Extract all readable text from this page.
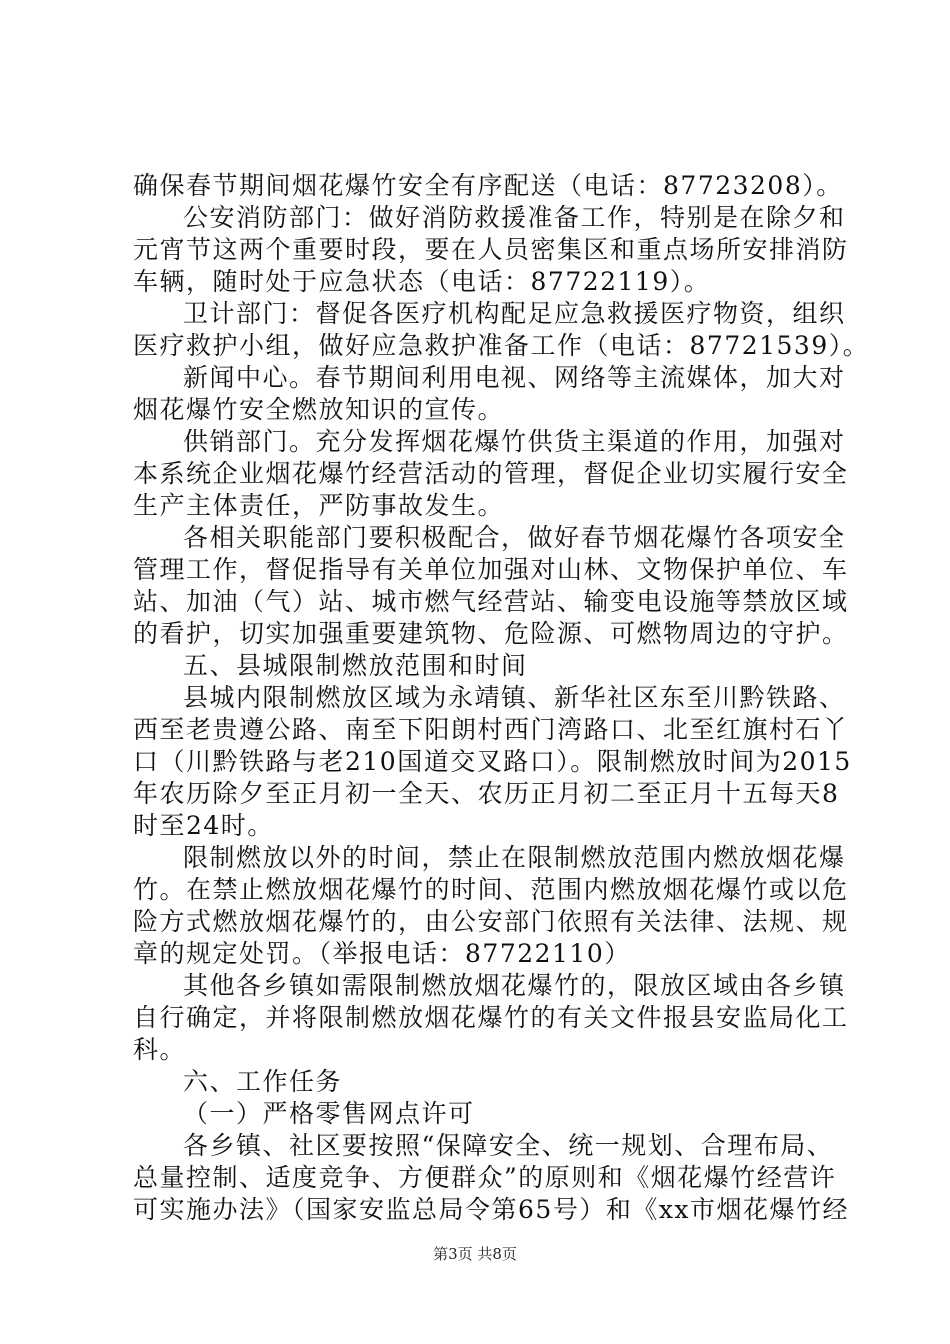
确保春节期间烟花爆竹安全有序配送（电话：87723208）。
公安消防部门：做好消防救援准备工作，特别是在除夕和
元宵节这两个重要时段，要在人员密集区和重点场所安排消防
车辆，随时处于应急状态（电话：87722119）。
卫计部门：督促各医疗机构配足应急救援医疗物资，组织
医疗救护小组，做好应急救护准备工作（电话：87721539）。
新闻中心。春节期间利用电视、网络等主流媒体，加大对
烟花爆竹安全燃放知识的宣传。
供销部门。充分发挥烟花爆竹供货主渠道的作用，加强对
本系统企业烟花爆竹经营活动的管理，督促企业切实履行安全
生产主体责任，严防事故发生。
各相关职能部门要积极配合，做好春节烟花爆竹各项安全
管理工作，督促指导有关单位加强对山林、文物保护单位、车
站、加油（气）站、城市燃气经营站、输变电设施等禁放区域
的看护，切实加强重要建筑物、危险源、可燃物周边的守护。
五、县城限制燃放范围和时间
县城内限制燃放区域为永靖镇、新华社区东至川黔铁路、
西至老贵遵公路、南至下阳朗村西门湾路口、北至红旗村石丫
口（川黔铁路与老210国道交叉路口）。限制燃放时间为2015
年农历除夕至正月初一全天、农历正月初二至正月十五每天8
时至24时。
限制燃放以外的时间，禁止在限制燃放范围内燃放烟花爆
竹。在禁止燃放烟花爆竹的时间、范围内燃放烟花爆竹或以危
险方式燃放烟花爆竹的，由公安部门依照有关法律、法规、规
章的规定处罚。（举报电话：87722110）
其他各乡镇如需限制燃放烟花爆竹的，限放区域由各乡镇
自行确定，并将限制燃放烟花爆竹的有关文件报县安监局化工
科。
六、工作任务
（一）严格零售网点许可
各乡镇、社区要按照“保障安全、统一规划、合理布局、
总量控制、适度竞争、方便群众”的原则和《烟花爆竹经营许
可实施办法》（国家安监总局令第65号）和《xx市烟花爆竹经
第3页 共8页
